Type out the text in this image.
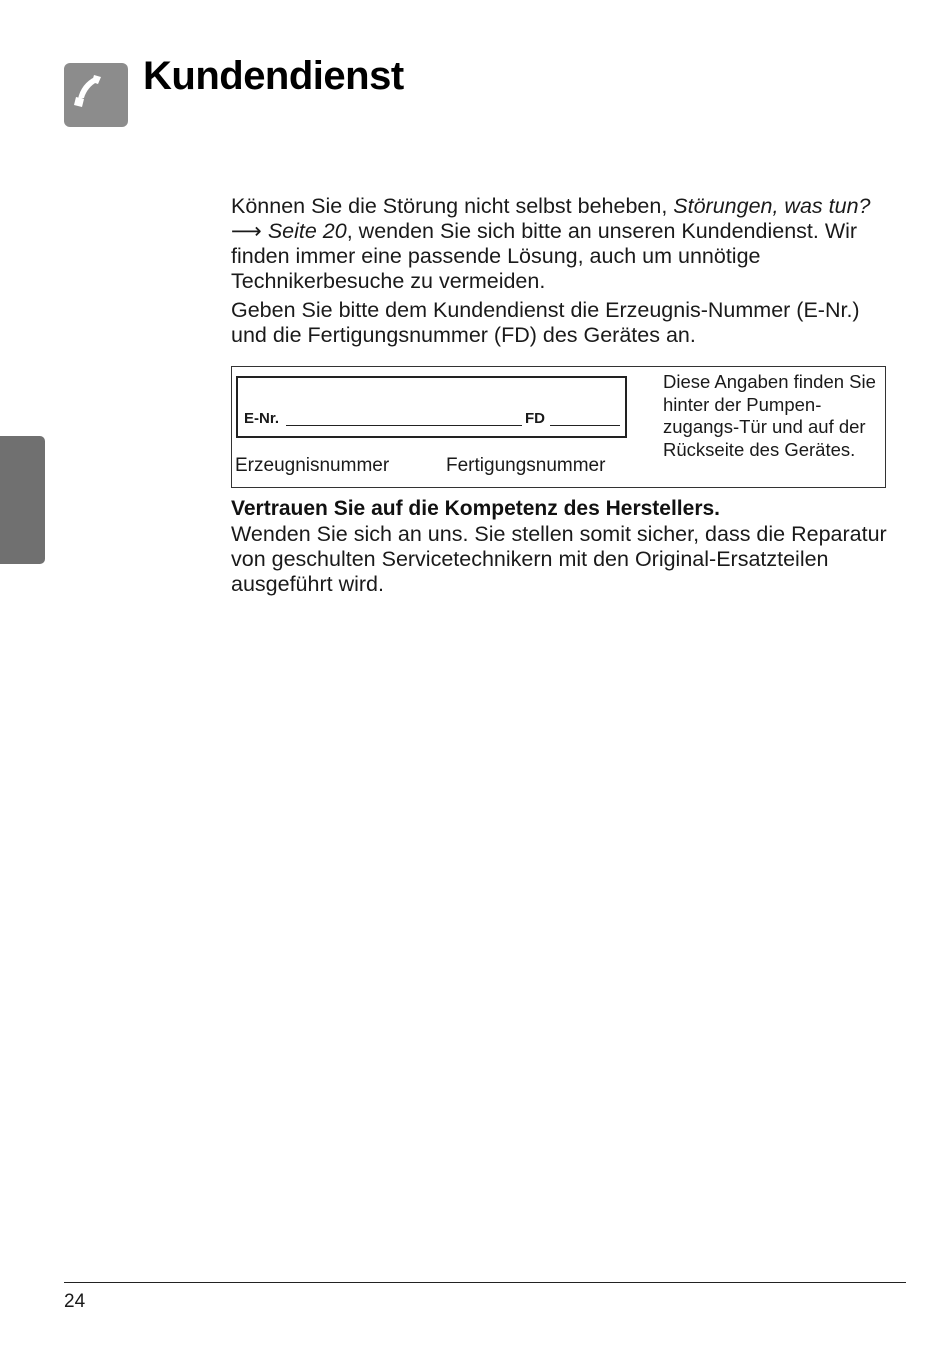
Kundendienst

Können Sie die Störung nicht selbst beheben, Störungen, was tun? ⟶ Seite 20, wenden Sie sich bitte an unseren Kundendienst. Wir finden immer eine passende Lösung, auch um unnötige Technikerbesuche zu vermeiden.

Geben Sie bitte dem Kundendienst die Erzeugnis-Nummer (E-Nr.) und die Fertigungsnummer (FD) des Gerätes an.

E-Nr.	FD
Erzeugnisnummer	Fertigungsnummer
Diese Angaben finden Sie hinter der Pumpen-zugangs-Tür und auf der Rückseite des Gerätes.
Vertrauen Sie auf die Kompetenz des Herstellers.

Wenden Sie sich an uns. Sie stellen somit sicher, dass die Reparatur von geschulten Servicetechnikern mit den Original-Ersatzteilen ausgeführt wird.

24
